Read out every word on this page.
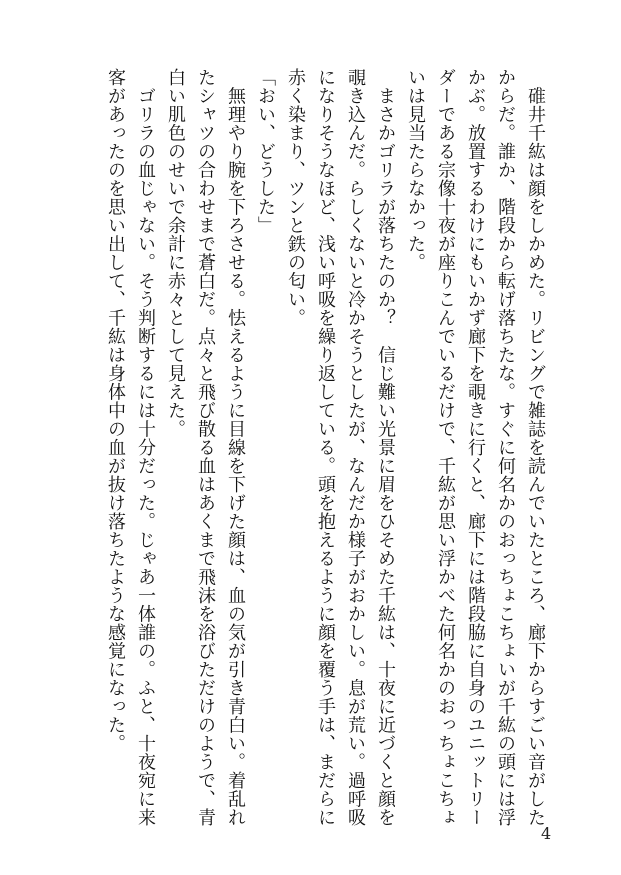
　碓井千紘は顔をしかめた。リビングで雑誌を読んでいたところ、廊下からすごい音がしたからだ。誰か、階段から転げ落ちたな。すぐに何名かのおっちょこちょいが千紘の頭には浮かぶ。放置するわけにもいかず廊下を覗きに行くと、廊下には階段脇に自身のユニットリーダーである宗像十夜が座りこんでいるだけで、千紘が思い浮かべた何名かのおっちょこちょいは見当たらなかった。

　まさかゴリラが落ちたのか？　信じ難い光景に眉をひそめた千紘は、十夜に近づくと顔を覗き込んだ。らしくないと冷かそうとしたが、なんだか様子がおかしい。息が荒い。過呼吸になりそうなほど、浅い呼吸を繰り返している。頭を抱えるように顔を覆う手は、まだらに赤く染まり、ツンと鉄の匂い。

「おい、どうした」

　無理やり腕を下ろさせる。怯えるように目線を下げた顔は、血の気が引き青白い。着乱れたシャツの合わせまで蒼白だ。点々と飛び散る血はあくまで飛沫を浴びただけのようで、青白い肌色のせいで余計に赤々として見えた。

　ゴリラの血じゃない。そう判断するには十分だった。じゃあ一体誰の。ふと、十夜宛に来客があったのを思い出して、千紘は身体中の血が抜け落ちたような感覚になった。

4
